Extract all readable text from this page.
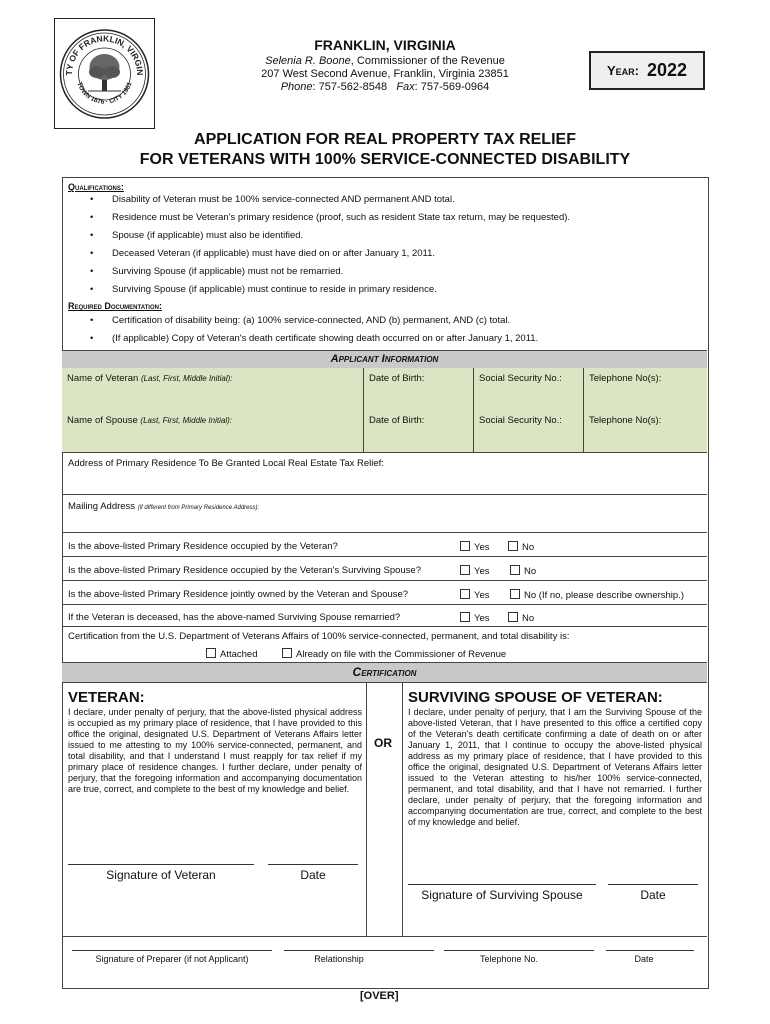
TY OF FRANKLIN, VIRGIN
TOWN 1876 · CITY 1961
FRANKLIN, VIRGINIA
Selenia R. Boone, Commissioner of the Revenue
207 West Second Avenue, Franklin, Virginia 23851
Phone: 757-562-8548 Fax: 757-569-0964
Year: 2022
APPLICATION FOR REAL PROPERTY TAX RELIEF
FOR VETERANS WITH 100% SERVICE-CONNECTED DISABILITY
Qualifications:
• Disability of Veteran must be 100% service-connected AND permanent AND total.
• Residence must be Veteran's primary residence (proof, such as resident State tax return, may be requested).
• Spouse (if applicable) must also be identified.
• Deceased Veteran (if applicable) must have died on or after January 1, 2011.
• Surviving Spouse (if applicable) must not be remarried.
• Surviving Spouse (if applicable) must continue to reside in primary residence.
Required Documentation:
• Certification of disability being: (a) 100% service-connected, AND (b) permanent, AND (c) total.
• (If applicable) Copy of Veteran's death certificate showing death occurred on or after January 1, 2011.
Applicant Information
Name of Veteran (Last, First, Middle Initial):	Date of Birth:	Social Security No.:	Telephone No(s):
Name of Spouse (Last, First, Middle Initial):	Date of Birth:	Social Security No.:	Telephone No(s):
Address of Primary Residence To Be Granted Local Real Estate Tax Relief:
Mailing Address (if different from Primary Residence Address):
Is the above-listed Primary Residence occupied by the Veteran?	Yes	No
Is the above-listed Primary Residence occupied by the Veteran's Surviving Spouse?	Yes	No
Is the above-listed Primary Residence jointly owned by the Veteran and Spouse?	Yes	No (If no, please describe ownership.)
If the Veteran is deceased, has the above-named Surviving Spouse remarried?	Yes	No
Certification from the U.S. Department of Veterans Affairs of 100% service-connected, permanent, and total disability is:
Attached	Already on file with the Commissioner of Revenue
Certification
VETERAN:
I declare, under penalty of perjury, that the above-listed physical address is occupied as my primary place of residence, that I have provided to this office the original, designated U.S. Department of Veterans Affairs letter issued to me attesting to my 100% service-connected, permanent, and total disability, and that I understand I must reapply for tax relief if my primary place of residence changes. I further declare, under penalty of perjury, that the foregoing information and accompanying documentation are true, correct, and complete to the best of my knowledge and belief.
OR
SURVIVING SPOUSE OF VETERAN:
I declare, under penalty of perjury, that I am the Surviving Spouse of the above-listed Veteran, that I have presented to this office a certified copy of the Veteran's death certificate confirming a date of death on or after January 1, 2011, that I continue to occupy the above-listed physical address as my primary place of residence, that I have provided to this office the original, designated U.S. Department of Veterans Affairs letter issued to the Veteran attesting to his/her 100% service-connected, permanent, and total disability, and that I have not remarried. I further declare, under penalty of perjury, that the foregoing information and accompanying documentation are true, correct, and complete to the best of my knowledge and belief.
Signature of Veteran	Date
Signature of Surviving Spouse	Date
Signature of Preparer (if not Applicant)	Relationship	Telephone No.	Date
[OVER]
